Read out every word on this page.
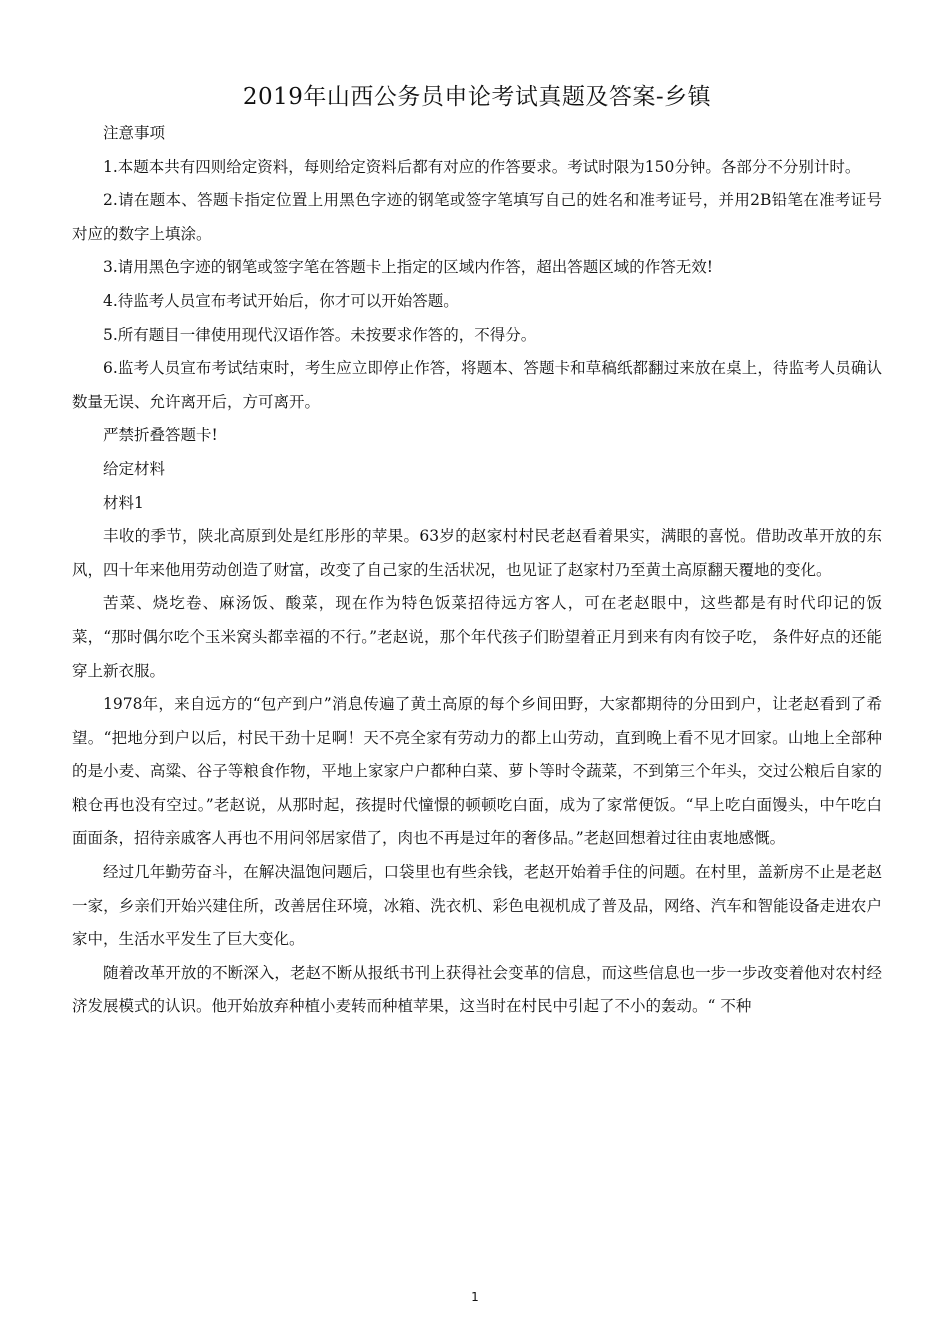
2019年山西公务员申论考试真题及答案-乡镇

注意事项

1.本题本共有四则给定资料，每则给定资料后都有对应的作答要求。考试时限为150分钟。各部分不分别计时。

2.请在题本、答题卡指定位置上用黑色字迹的钢笔或签字笔填写自己的姓名和准考证号，并用2B铅笔在准考证号对应的数字上填涂。

3.请用黑色字迹的钢笔或签字笔在答题卡上指定的区域内作答，超出答题区域的作答无效!

4.待监考人员宣布考试开始后，你才可以开始答题。

5.所有题目一律使用现代汉语作答。未按要求作答的，不得分。

6.监考人员宣布考试结束时，考生应立即停止作答，将题本、答题卡和草稿纸都翻过来放在桌上，待监考人员确认数量无误、允许离开后，方可离开。

严禁折叠答题卡!

给定材料

材料1

丰收的季节，陕北高原到处是红彤彤的苹果。63岁的赵家村村民老赵看着果实，满眼的喜悦。借助改革开放的东风，四十年来他用劳动创造了财富，改变了自己家的生活状况，也见证了赵家村乃至黄土高原翻天覆地的变化。

苦菜、烧圪卷、麻汤饭、酸菜，现在作为特色饭菜招待远方客人，可在老赵眼中，这些都是有时代印记的饭菜，“那时偶尔吃个玉米窝头都幸福的不行。”老赵说，那个年代孩子们盼望着正月到来有肉有饺子吃， 条件好点的还能穿上新衣服。

1978年，来自远方的“包产到户”消息传遍了黄土高原的每个乡间田野，大家都期待的分田到户，让老赵看到了希望。“把地分到户以后，村民干劲十足啊！天不亮全家有劳动力的都上山劳动，直到晚上看不见才回家。山地上全部种的是小麦、高粱、谷子等粮食作物，平地上家家户户都种白菜、萝卜等时令蔬菜，不到第三个年头，交过公粮后自家的粮仓再也没有空过。”老赵说，从那时起，孩提时代憧憬的顿顿吃白面，成为了家常便饭。“早上吃白面馒头，中午吃白面面条，招待亲戚客人再也不用问邻居家借了，肉也不再是过年的奢侈品。”老赵回想着过往由衷地感慨。

经过几年勤劳奋斗，在解决温饱问题后，口袋里也有些余钱，老赵开始着手住的问题。在村里，盖新房不止是老赵一家，乡亲们开始兴建住所，改善居住环境，冰箱、洗衣机、彩色电视机成了普及品，网络、汽车和智能设备走进农户家中，生活水平发生了巨大变化。

随着改革开放的不断深入，老赵不断从报纸书刊上获得社会变革的信息，而这些信息也一步一步改变着他对农村经济发展模式的认识。他开始放弃种植小麦转而种植苹果，这当时在村民中引起了不小的轰动。“ 不种

1
